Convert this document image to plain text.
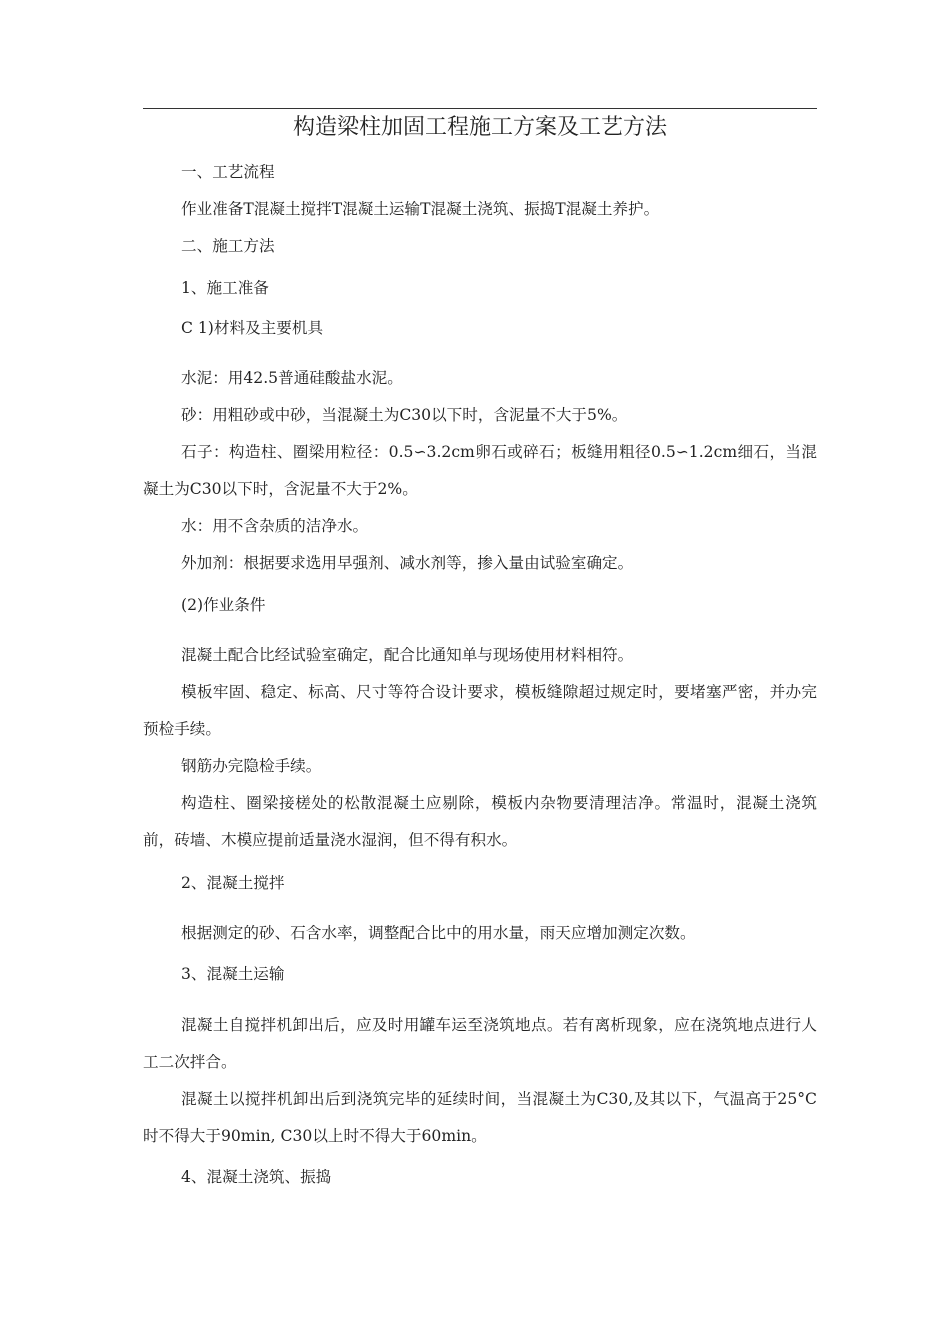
构造梁柱加固工程施工方案及工艺方法

一、工艺流程

作业准备T混凝土搅拌T混凝土运输T混凝土浇筑、振捣T混凝土养护。

二、施工方法

1、施工准备

C 1)材料及主要机具

水泥：用42.5普通硅酸盐水泥。

砂：用粗砂或中砂，当混凝土为C30以下时，含泥量不大于5%。

石子：构造柱、圈梁用粒径：0.5∽3.2cm卵石或碎石；板缝用粗径0.5∽1.2cm细石，当混凝土为C30以下时，含泥量不大于2%。

水：用不含杂质的洁净水。

外加剂：根据要求选用早强剂、减水剂等，掺入量由试验室确定。

(2)作业条件

混凝土配合比经试验室确定，配合比通知单与现场使用材料相符。

模板牢固、稳定、标高、尺寸等符合设计要求，模板缝隙超过规定时，要堵塞严密，并办完预检手续。

钢筋办完隐检手续。

构造柱、圈梁接槎处的松散混凝土应剔除，模板内杂物要清理洁净。常温时，混凝土浇筑前，砖墙、木模应提前适量浇水湿润，但不得有积水。

2、混凝土搅拌

根据测定的砂、石含水率，调整配合比中的用水量，雨天应增加测定次数。

3、混凝土运输

混凝土自搅拌机卸出后，应及时用罐车运至浇筑地点。若有离析现象，应在浇筑地点进行人工二次拌合。

混凝土以搅拌机卸出后到浇筑完毕的延续时间，当混凝土为C30,及其以下，气温高于25°C时不得大于90min, C30以上时不得大于60min。

4、混凝土浇筑、振捣
